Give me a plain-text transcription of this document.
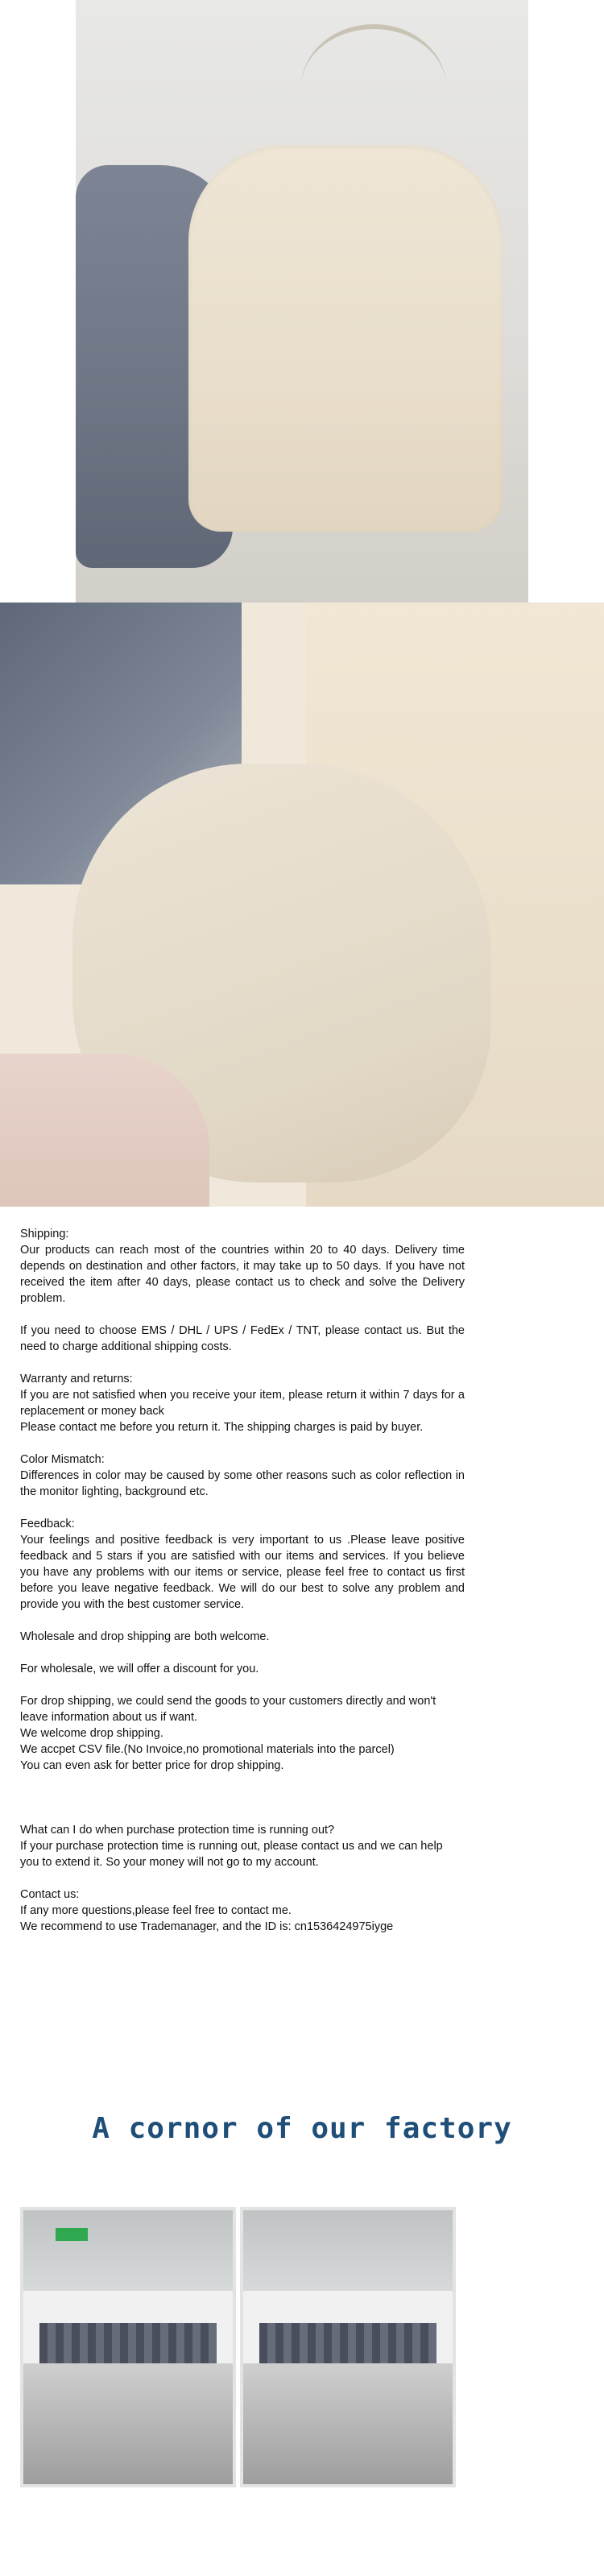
Shipping:
Our products can reach most of the countries within 20 to 40 days. Delivery time depends on destination and other factors, it may take up to 50 days. If you have not received the item after 40 days, please contact us to check and solve the Delivery problem.

If you need to choose EMS / DHL / UPS / FedEx / TNT, please contact us. But the need to charge additional shipping costs.

Warranty and returns:
If you are not satisfied when you receive your item, please return it within 7 days for a replacement or money back
Please contact me before you return it. The shipping charges is paid by buyer.

Color Mismatch:
Differences in color may be caused by some other reasons such as color reflection in the monitor lighting, background etc.

Feedback:
Your feelings and positive feedback is very important to us .Please leave positive feedback and 5 stars if you are satisfied with our items and services. If you believe you have any problems with our items or service, please feel free to contact us first before you leave negative feedback. We will do our best to solve any problem and provide you with the best customer service.

Wholesale and drop shipping are both welcome.

For wholesale, we will offer a discount for you.

For drop shipping, we could send the goods to your customers directly and won't leave information about us if want.
We welcome drop shipping.
We accpet CSV file.(No Invoice,no promotional materials into the parcel)
You can even ask for better price for drop shipping.

What can I do when purchase protection time is running out?
If your purchase protection time is running out, please contact us and we can help you to extend it. So your money will not go to my account.

Contact us:
If any more questions,please feel free to contact me.
We recommend to use Trademanager, and the ID is: cn1536424975iyge

A cornor of our factory
